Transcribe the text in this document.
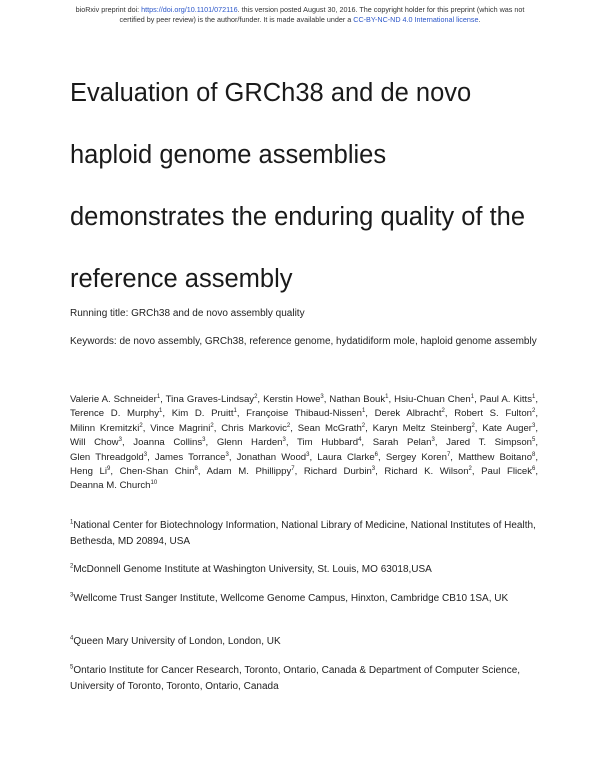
bioRxiv preprint doi: https://doi.org/10.1101/072116. this version posted August 30, 2016. The copyright holder for this preprint (which was not
certified by peer review) is the author/funder. It is made available under a CC-BY-NC-ND 4.0 International license.
Evaluation of GRCh38 and de novo
haploid genome assemblies
demonstrates the enduring quality of the
reference assembly
Running title: GRCh38 and de novo assembly quality
Keywords: de novo assembly, GRCh38, reference genome, hydatidiform mole, haploid genome assembly
Valerie A. Schneider$^1$, Tina Graves-Lindsay$^2$, Kerstin Howe$^3$, Nathan Bouk$^1$, Hsiu-Chuan Chen$^1$, Paul A. Kitts$^1$, Terence D. Murphy$^1$, Kim D. Pruitt$^1$, Françoise Thibaud-Nissen$^1$, Derek Albracht$^2$, Robert S. Fulton$^2$, Milinn Kremitzki$^2$, Vince Magrini$^2$, Chris Markovic$^2$, Sean McGrath$^2$, Karyn Meltz Steinberg$^2$, Kate Auger$^3$, Will Chow$^3$, Joanna Collins$^3$, Glenn Harden$^3$, Tim Hubbard$^4$, Sarah Pelan$^3$, Jared T. Simpson$^5$, Glen Threadgold$^3$, James Torrance$^3$, Jonathan Wood$^3$, Laura Clarke$^6$, Sergey Koren$^7$, Matthew Boitano$^8$, Heng Li$^9$, Chen-Shan Chin$^8$, Adam M. Phillippy$^7$, Richard Durbin$^3$, Richard K. Wilson$^2$, Paul Flicek$^6$, Deanna M. Church$^{10}$
$^1$National Center for Biotechnology Information, National Library of Medicine, National Institutes of Health, Bethesda, MD 20894, USA
$^2$McDonnell Genome Institute at Washington University, St. Louis, MO 63018,USA
$^3$Wellcome Trust Sanger Institute, Wellcome Genome Campus, Hinxton, Cambridge CB10 1SA, UK
$^4$Queen Mary University of London, London, UK
$^5$Ontario Institute for Cancer Research, Toronto, Ontario, Canada & Department of Computer Science, University of Toronto, Toronto, Ontario, Canada
